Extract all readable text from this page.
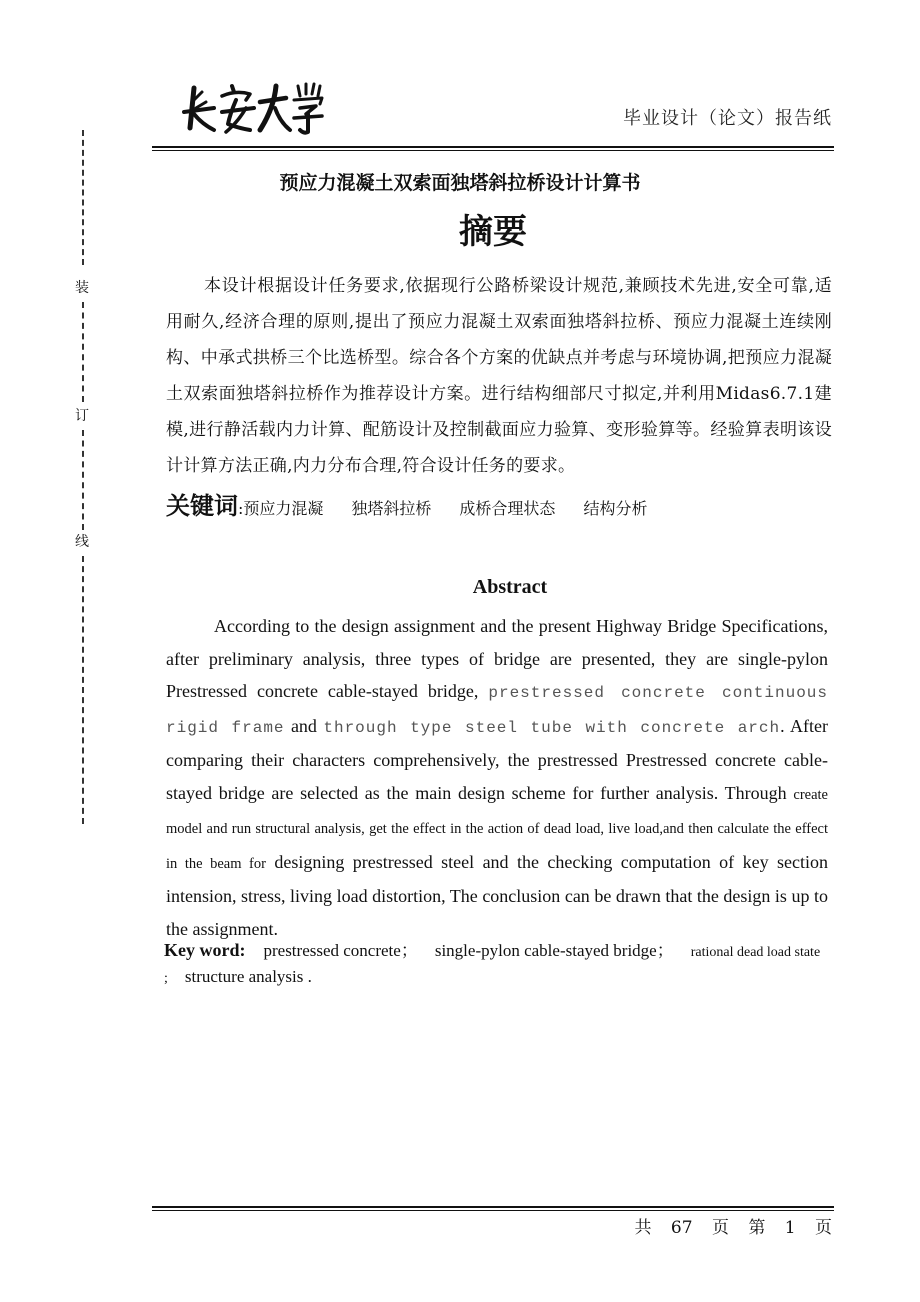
装
订
线
毕业设计（论文）报告纸
预应力混凝土双索面独塔斜拉桥设计计算书
摘要
本设计根据设计任务要求,依据现行公路桥梁设计规范,兼顾技术先进,安全可靠,适用耐久,经济合理的原则,提出了预应力混凝土双索面独塔斜拉桥、预应力混凝土连续刚构、中承式拱桥三个比选桥型。综合各个方案的优缺点并考虑与环境协调,把预应力混凝土双索面独塔斜拉桥作为推荐设计方案。进行结构细部尺寸拟定,并利用Midas6.7.1建模,进行静活载内力计算、配筋设计及控制截面应力验算、变形验算等。经验算表明该设计计算方法正确,内力分布合理,符合设计任务的要求。
关键词:预应力混凝 独塔斜拉桥 成桥合理状态 结构分析
Abstract
According to the design assignment and the present Highway Bridge Specifications, after preliminary analysis, three types of bridge are presented, they are single-pylon Prestressed concrete cable-stayed bridge, prestressed concrete continuous rigid frame and through type steel tube with concrete arch. After comparing their characters comprehensively, the prestressed Prestressed concrete cable-stayed bridge are selected as the main design scheme for further analysis. Through create model and run structural analysis, get the effect in the action of dead load, live load,and then calculate the effect in the beam for designing prestressed steel and the checking computation of key section intension, stress, living load distortion, The conclusion can be drawn that the design is up to the assignment.
Key word: prestressed concrete； single-pylon cable-stayed bridge； rational dead load state ; structure analysis .
共 67 页 第 1 页
